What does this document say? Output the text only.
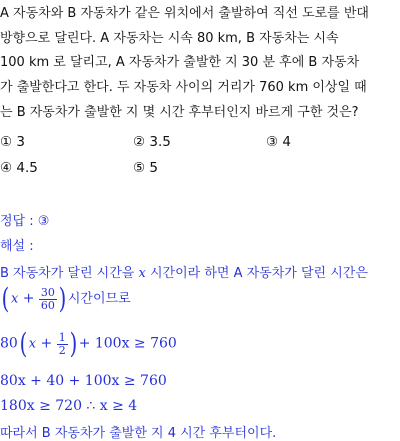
A 자동차와 B 자동차가 같은 위치에서 출발하여 직선 도로를 반대
방향으로 달린다. A 자동차는 시속 80 km, B 자동차는 시속
100 km 로 달리고, A 자동차가 출발한 지 30 분 후에 B 자동차
가 출발한다고 한다. 두 자동차 사이의 거리가 760 km 이상일 때
는 B 자동차가 출발한 지 몇 시간 후부터인지 바르게 구한 것은?
① 3	② 3.5	③ 4
④ 4.5	⑤ 5
정답 : ③
해설 :
B 자동차가 달린 시간을 x 시간이라 하면 A 자동차가 달린 시간은
( $x + \frac{30}{60}$ ) 시간이므로
80( $x + \frac{1}{2}$ ) + 100x ≥ 760
80x + 40 + 100x ≥ 760
180x ≥ 720 ∴ x ≥ 4
따라서 B 자동차가 출발한 지 4 시간 후부터이다.
